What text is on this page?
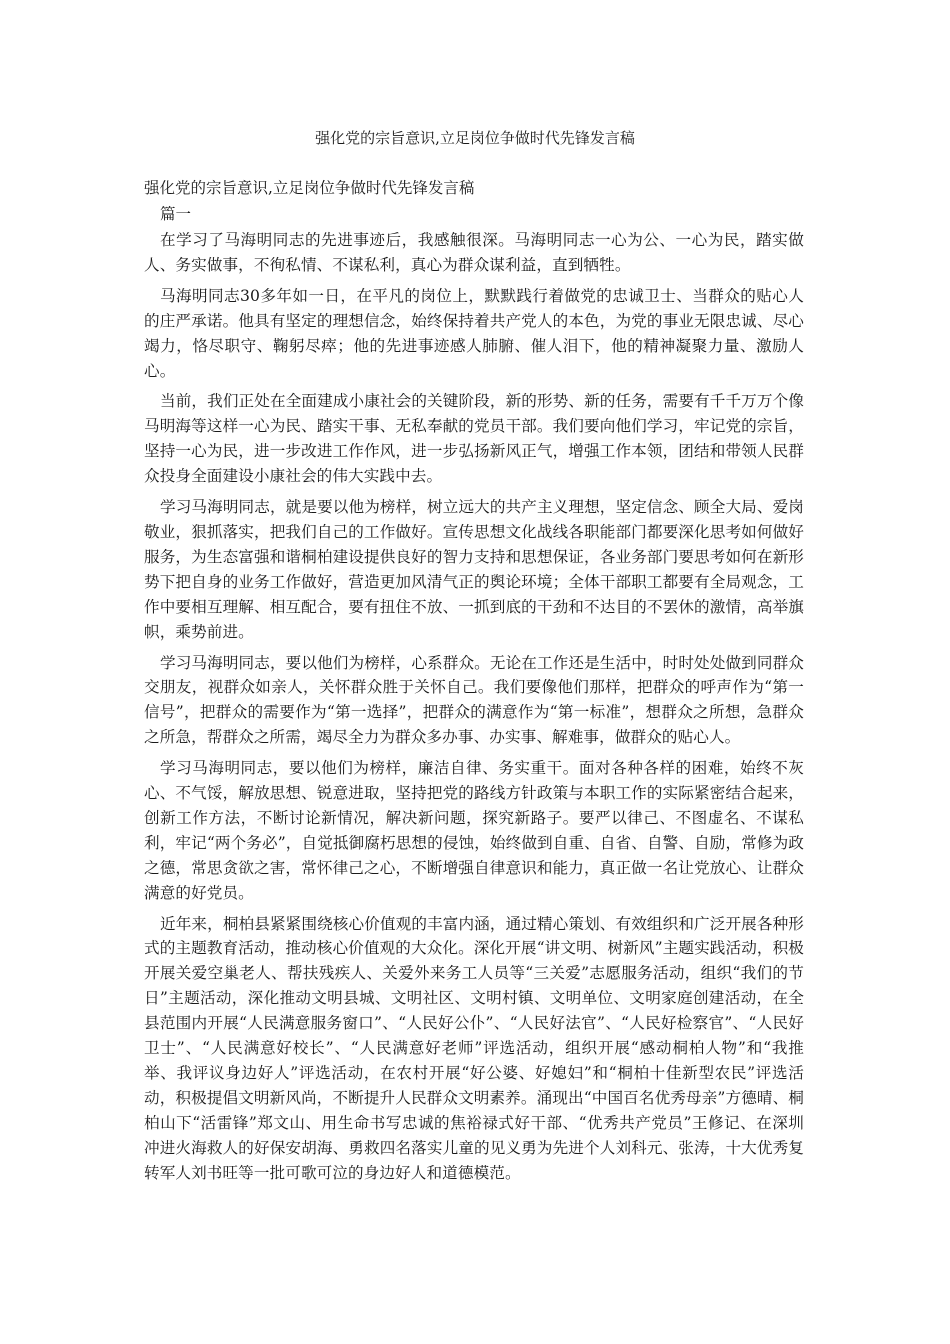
强化党的宗旨意识,立足岗位争做时代先锋发言稿
强化党的宗旨意识,立足岗位争做时代先锋发言稿
篇一

在学习了马海明同志的先进事迹后，我感触很深。马海明同志一心为公、一心为民，踏实做人、务实做事，不徇私情、不谋私利，真心为群众谋利益，直到牺牲。

马海明同志30多年如一日，在平凡的岗位上，默默践行着做党的忠诚卫士、当群众的贴心人的庄严承诺。他具有坚定的理想信念，始终保持着共产党人的本色，为党的事业无限忠诚、尽心竭力，恪尽职守、鞠躬尽瘁；他的先进事迹感人肺腑、催人泪下，他的精神凝聚力量、激励人心。

当前，我们正处在全面建成小康社会的关键阶段，新的形势、新的任务，需要有千千万万个像马明海等这样一心为民、踏实干事、无私奉献的党员干部。我们要向他们学习，牢记党的宗旨，坚持一心为民，进一步改进工作作风，进一步弘扬新风正气，增强工作本领，团结和带领人民群众投身全面建设小康社会的伟大实践中去。

学习马海明同志，就是要以他为榜样，树立远大的共产主义理想，坚定信念、顾全大局、爱岗敬业，狠抓落实，把我们自己的工作做好。宣传思想文化战线各职能部门都要深化思考如何做好服务，为生态富强和谐桐柏建设提供良好的智力支持和思想保证，各业务部门要思考如何在新形势下把自身的业务工作做好，营造更加风清气正的舆论环境；全体干部职工都要有全局观念，工作中要相互理解、相互配合，要有扭住不放、一抓到底的干劲和不达目的不罢休的激情，高举旗帜，乘势前进。

学习马海明同志，要以他们为榜样，心系群众。无论在工作还是生活中，时时处处做到同群众交朋友，视群众如亲人，关怀群众胜于关怀自己。我们要像他们那样，把群众的呼声作为“第一信号”，把群众的需要作为“第一选择”，把群众的满意作为“第一标准”，想群众之所想，急群众之所急，帮群众之所需，竭尽全力为群众多办事、办实事、解难事，做群众的贴心人。

学习马海明同志，要以他们为榜样，廉洁自律、务实重干。面对各种各样的困难，始终不灰心、不气馁，解放思想、锐意进取，坚持把党的路线方针政策与本职工作的实际紧密结合起来，创新工作方法，不断讨论新情况，解决新问题，探究新路子。要严以律己、不图虚名、不谋私利，牢记“两个务必”，自觉抵御腐朽思想的侵蚀，始终做到自重、自省、自警、自励，常修为政之德，常思贪欲之害，常怀律己之心，不断增强自律意识和能力，真正做一名让党放心、让群众满意的好党员。

近年来，桐柏县紧紧围绕核心价值观的丰富内涵，通过精心策划、有效组织和广泛开展各种形式的主题教育活动，推动核心价值观的大众化。深化开展“讲文明、树新风”主题实践活动，积极开展关爱空巢老人、帮扶残疾人、关爱外来务工人员等“三关爱”志愿服务活动，组织“我们的节日”主题活动，深化推动文明县城、文明社区、文明村镇、文明单位、文明家庭创建活动，在全县范围内开展“人民满意服务窗口”、“人民好公仆”、“人民好法官”、“人民好检察官”、“人民好卫士”、“人民满意好校长”、“人民满意好老师”评选活动，组织开展“感动桐柏人物”和“我推举、我评议身边好人”评选活动，在农村开展“好公婆、好媳妇”和“桐柏十佳新型农民”评选活动，积极提倡文明新风尚，不断提升人民群众文明素养。涌现出“中国百名优秀母亲”方德晴、桐柏山下“活雷锋”郑文山、用生命书写忠诚的焦裕禄式好干部、“优秀共产党员”王修记、在深圳冲进火海救人的好保安胡海、勇救四名落实儿童的见义勇为先进个人刘科元、张涛，十大优秀复转军人刘书旺等一批可歌可泣的身边好人和道德模范。
